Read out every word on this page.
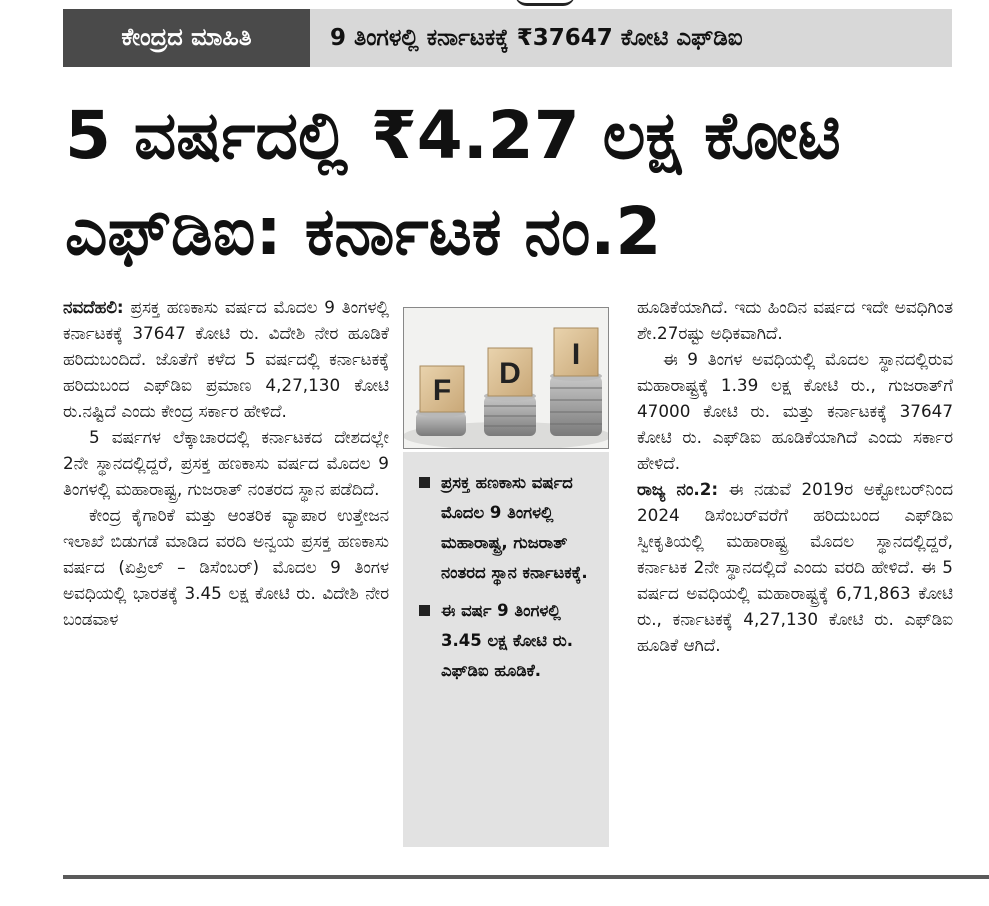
ಕೇಂದ್ರದ ಮಾಹಿತಿ	9 ತಿಂಗಳಲ್ಲಿ ಕರ್ನಾಟಕಕ್ಕೆ ₹37647 ಕೋಟಿ ಎಫ್‌ಡಿಐ
5 ವರ್ಷದಲ್ಲಿ ₹4.27 ಲಕ್ಷ ಕೋಟಿ
ಎಫ್‌ಡಿಐ: ಕರ್ನಾಟಕ ನಂ.2

ನವದೆಹಲಿ: ಪ್ರಸಕ್ತ ಹಣಕಾಸು ವರ್ಷದ ಮೊದಲ 9 ತಿಂಗಳಲ್ಲಿ ಕರ್ನಾಟಕಕ್ಕೆ 37647 ಕೋಟಿ ರು. ವಿದೇಶಿ ನೇರ ಹೂಡಿಕೆ ಹರಿದುಬಂದಿದೆ. ಜೊತೆಗೆ ಕಳೆದ 5 ವರ್ಷದಲ್ಲಿ ಕರ್ನಾಟಕಕ್ಕೆ ಹರಿದುಬಂದ ಎಫ್‌ಡಿಐ ಪ್ರಮಾಣ 4,27,130 ಕೋಟಿ ರು.ನಷ್ಟಿದೆ ಎಂದು ಕೇಂದ್ರ ಸರ್ಕಾರ ಹೇಳಿದೆ.

5 ವರ್ಷಗಳ ಲೆಕ್ಕಾಚಾರದಲ್ಲಿ ಕರ್ನಾಟಕದ ದೇಶದಲ್ಲೇ 2ನೇ ಸ್ಥಾನದಲ್ಲಿದ್ದರೆ, ಪ್ರಸಕ್ತ ಹಣಕಾಸು ವರ್ಷದ ಮೊದಲ 9 ತಿಂಗಳಲ್ಲಿ ಮಹಾರಾಷ್ಟ್ರ, ಗುಜರಾತ್ ನಂತರದ ಸ್ಥಾನ ಪಡೆದಿದೆ.

ಕೇಂದ್ರ ಕೈಗಾರಿಕೆ ಮತ್ತು ಆಂತರಿಕ ವ್ಯಾಪಾರ ಉತ್ತೇಜನ ಇಲಾಖೆ ಬಿಡುಗಡೆ ಮಾಡಿದ ವರದಿ ಅನ್ವಯ ಪ್ರಸಕ್ತ ಹಣಕಾಸು ವರ್ಷದ (ಏಪ್ರಿಲ್ – ಡಿಸೆಂಬರ್) ಮೊದಲ 9 ತಿಂಗಳ ಅವಧಿಯಲ್ಲಿ ಭಾರತಕ್ಕೆ 3.45 ಲಕ್ಷ ಕೋಟಿ ರು. ವಿದೇಶಿ ನೇರ ಬಂಡವಾಳ

F
D
I
ಪ್ರಸಕ್ತ ಹಣಕಾಸು ವರ್ಷದ ಮೊದಲ 9 ತಿಂಗಳಲ್ಲಿ ಮಹಾರಾಷ್ಟ್ರ, ಗುಜರಾತ್ ನಂತರದ ಸ್ಥಾನ ಕರ್ನಾಟಕಕ್ಕೆ.
ಈ ವರ್ಷ 9 ತಿಂಗಳಲ್ಲಿ 3.45 ಲಕ್ಷ ಕೋಟಿ ರು. ಎಫ್‌ಡಿಐ ಹೂಡಿಕೆ.

ಹೂಡಿಕೆಯಾಗಿದೆ. ಇದು ಹಿಂದಿನ ವರ್ಷದ ಇದೇ ಅವಧಿಗಿಂತ ಶೇ.27ರಷ್ಟು ಅಧಿಕವಾಗಿದೆ.

ಈ 9 ತಿಂಗಳ ಅವಧಿಯಲ್ಲಿ ಮೊದಲ ಸ್ಥಾನದಲ್ಲಿರುವ ಮಹಾರಾಷ್ಟ್ರಕ್ಕೆ 1.39 ಲಕ್ಷ ಕೋಟಿ ರು., ಗುಜರಾತ್‌ಗೆ 47000 ಕೋಟಿ ರು. ಮತ್ತು ಕರ್ನಾಟಕಕ್ಕೆ 37647 ಕೋಟಿ ರು. ಎಫ್‌ಡಿಐ ಹೂಡಿಕೆಯಾಗಿದೆ ಎಂದು ಸರ್ಕಾರ ಹೇಳಿದೆ.

ರಾಜ್ಯ ನಂ.2: ಈ ನಡುವೆ 2019ರ ಅಕ್ಟೋಬರ್‌ನಿಂದ 2024 ಡಿಸೆಂಬರ್‌ವರೆಗೆ ಹರಿದುಬಂದ ಎಫ್‌ಡಿಐ ಸ್ವೀಕೃತಿಯಲ್ಲಿ ಮಹಾರಾಷ್ಟ್ರ ಮೊದಲ ಸ್ಥಾನದಲ್ಲಿದ್ದರೆ, ಕರ್ನಾಟಕ 2ನೇ ಸ್ಥಾನದಲ್ಲಿದೆ ಎಂದು ವರದಿ ಹೇಳಿದೆ. ಈ 5 ವರ್ಷದ ಅವಧಿಯಲ್ಲಿ ಮಹಾರಾಷ್ಟ್ರಕ್ಕೆ 6,71,863 ಕೋಟಿ ರು., ಕರ್ನಾಟಕಕ್ಕೆ 4,27,130 ಕೋಟಿ ರು. ಎಫ್‌ಡಿಐ ಹೂಡಿಕೆ ಆಗಿದೆ.
